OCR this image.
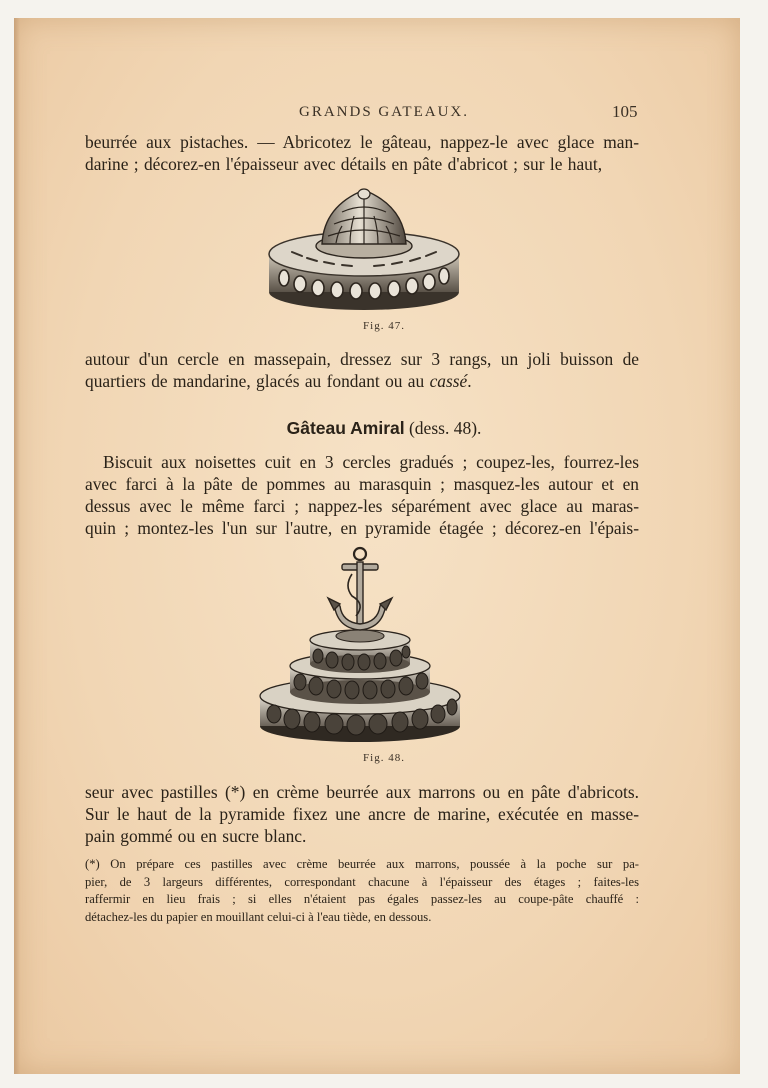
GRANDS GATEAUX.	105
beurrée aux pistaches. — Abricotez le gâteau, nappez-le avec glace man-
darine ; décorez-en l'épaisseur avec détails en pâte d'abricot ; sur le haut,
Fig. 47.
autour d'un cercle en massepain, dressez sur 3 rangs, un joli buisson de
quartiers de mandarine, glacés au fondant ou au cassé.
Gâteau Amiral (dess. 48).
Biscuit aux noisettes cuit en 3 cercles gradués ; coupez-les, fourrez-les
avec farci à la pâte de pommes au marasquin ; masquez-les autour et en
dessus avec le même farci ; nappez-les séparément avec glace au maras-
quin ; montez-les l'un sur l'autre, en pyramide étagée ; décorez-en l'épais-
Fig. 48.
seur avec pastilles (*) en crème beurrée aux marrons ou en pâte d'abricots.
Sur le haut de la pyramide fixez une ancre de marine, exécutée en masse-
pain gommé ou en sucre blanc.
(*) On prépare ces pastilles avec crème beurrée aux marrons, poussée à la poche sur pa-
pier, de 3 largeurs différentes, correspondant chacune à l'épaisseur des étages ; faites-les
raffermir en lieu frais ; si elles n'étaient pas égales passez-les au coupe-pâte chauffé :
détachez-les du papier en mouillant celui-ci à l'eau tiède, en dessous.
